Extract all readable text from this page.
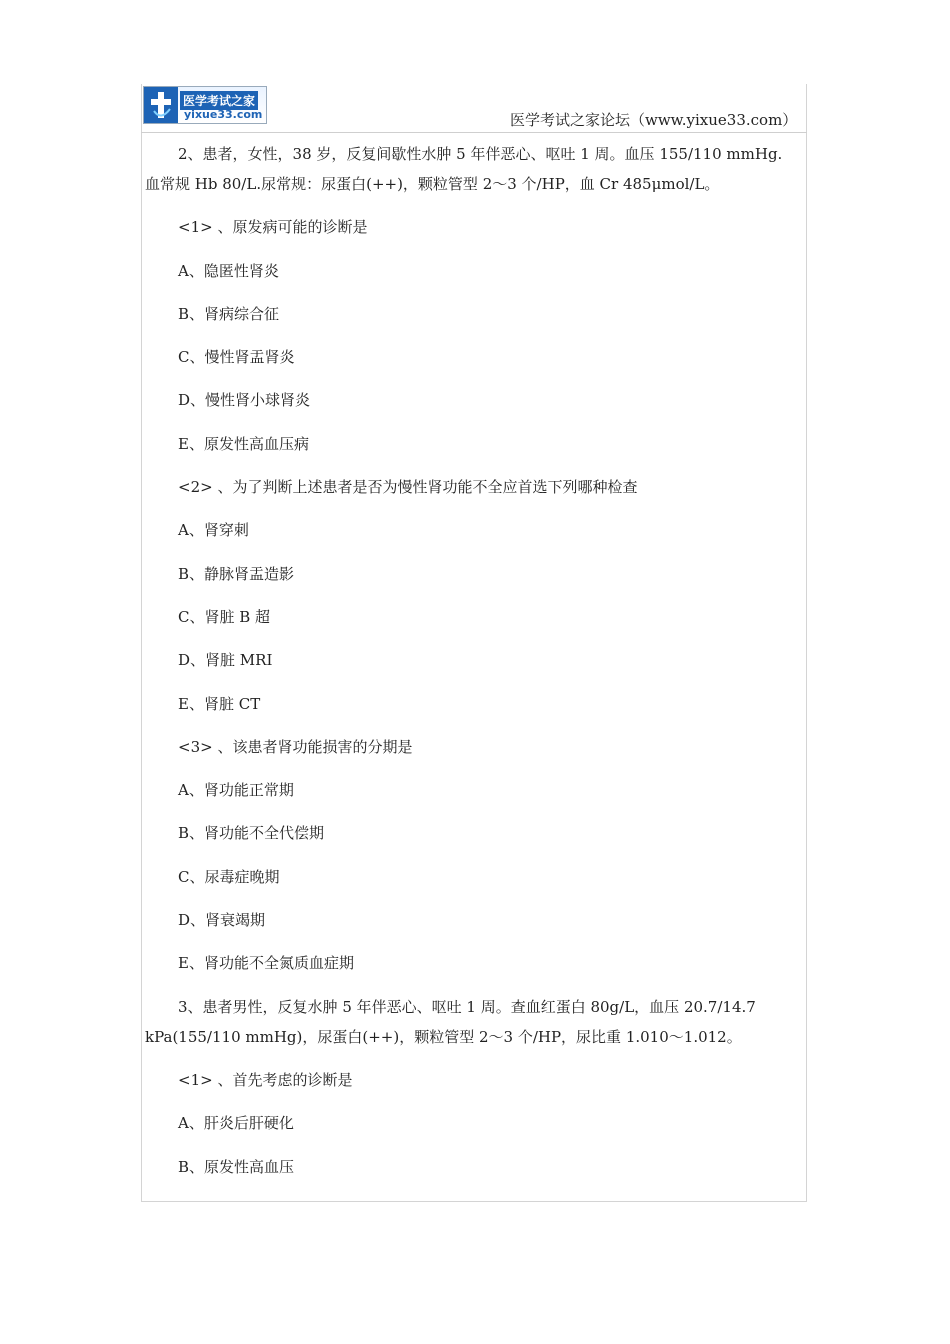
医学考试之家
yixue33.com	医学考试之家论坛（www.yixue33.com）
2、患者，女性，38 岁，反复间歇性水肿 5 年伴恶心、呕吐 1 周。血压 155/110 mmHg.
血常规 Hb 80/L.尿常规：尿蛋白(++)，颗粒管型 2～3 个/HP，血 Cr 485μmol/L。
<1> 、原发病可能的诊断是
A、隐匿性肾炎
B、肾病综合征
C、慢性肾盂肾炎
D、慢性肾小球肾炎
E、原发性高血压病
<2> 、为了判断上述患者是否为慢性肾功能不全应首选下列哪种检查
A、肾穿刺
B、静脉肾盂造影
C、肾脏 B 超
D、肾脏 MRI
E、肾脏 CT
<3> 、该患者肾功能损害的分期是
A、肾功能正常期
B、肾功能不全代偿期
C、尿毒症晚期
D、肾衰竭期
E、肾功能不全氮质血症期
3、患者男性，反复水肿 5 年伴恶心、呕吐 1 周。查血红蛋白 80g/L，血压 20.7/14.7
kPa(155/110 mmHg)，尿蛋白(++)，颗粒管型 2～3 个/HP，尿比重 1.010～1.012。
<1> 、首先考虑的诊断是
A、肝炎后肝硬化
B、原发性高血压
